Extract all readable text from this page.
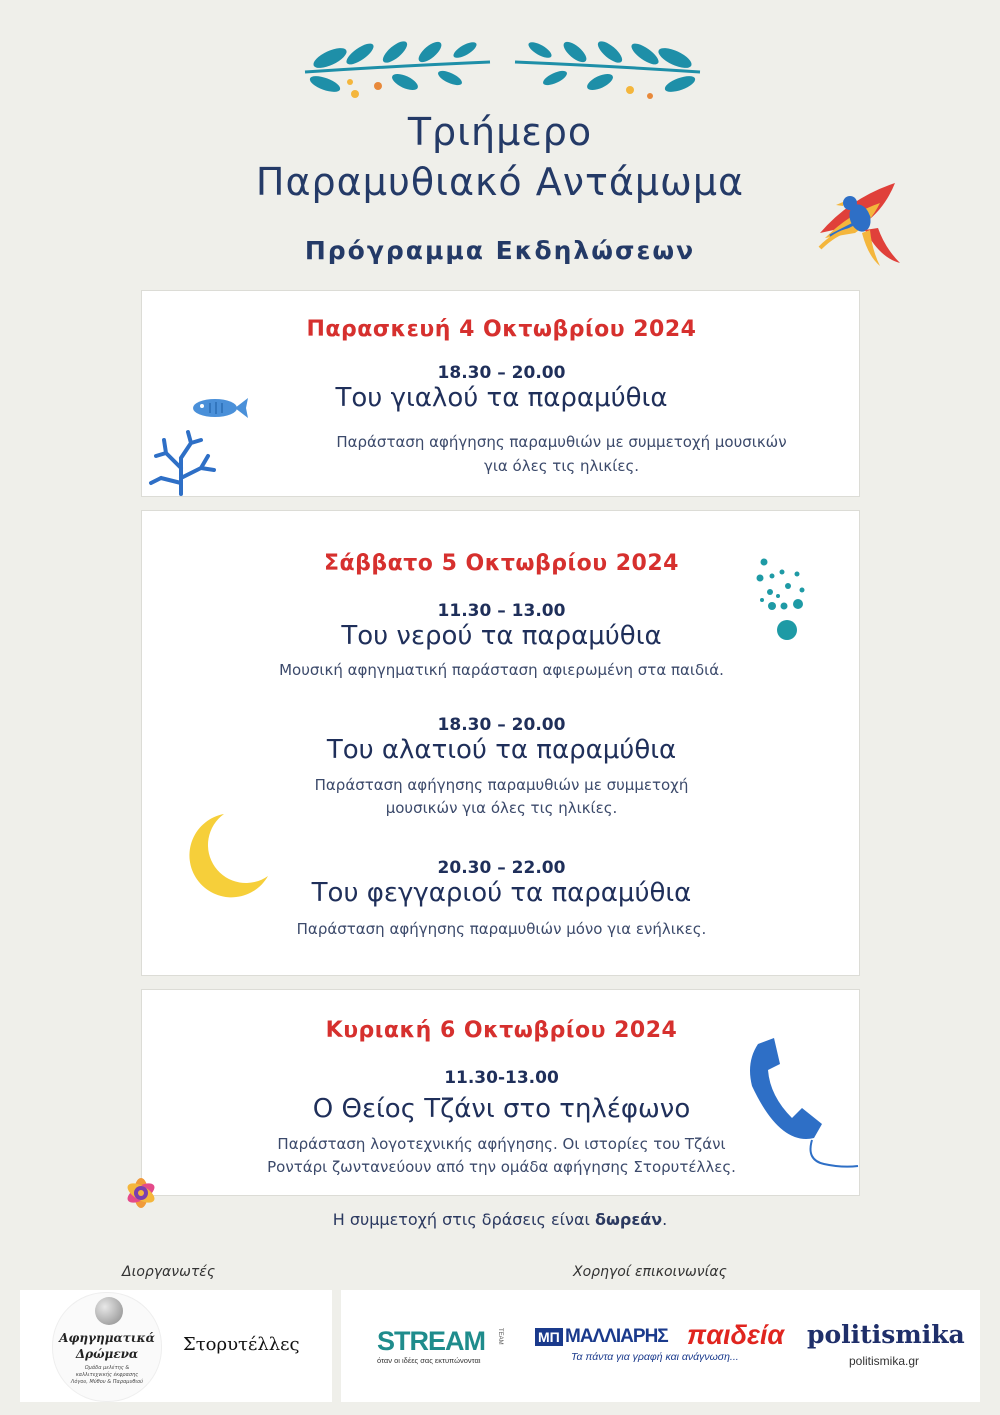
Τριήμερο
Παραμυθιακό Αντάμωμα
Πρόγραμμα Εκδηλώσεων
Παρασκευή 4 Οκτωβρίου 2024
18.30 – 20.00
Του γιαλού τα παραμύθια
Παράσταση αφήγησης παραμυθιών με συμμετοχή μουσικών
για όλες τις ηλικίες.
Σάββατο 5 Οκτωβρίου 2024
11.30 – 13.00
Του νερού τα παραμύθια
Μουσική αφηγηματική παράσταση αφιερωμένη στα παιδιά.
18.30 – 20.00
Του αλατιού τα παραμύθια
Παράσταση αφήγησης παραμυθιών με συμμετοχή
μουσικών για όλες τις ηλικίες.
20.30 – 22.00
Του φεγγαριού τα παραμύθια
Παράσταση αφήγησης παραμυθιών μόνο για ενήλικες.
Κυριακή 6 Οκτωβρίου 2024
11.30-13.00
Ο Θείος Τζάνι στο τηλέφωνο
Παράσταση λογοτεχνικής αφήγησης. Οι ιστορίες του Τζάνι
Ροντάρι ζωντανεύουν από την ομάδα αφήγησης Στορυτέλλες.
Η συμμετοχή στις δράσεις είναι δωρεάν.
Διοργανωτές	Χορηγοί επικοινωνίας
Αφηγηματικά
Δρώμενα
Ομάδα μελέτης & καλλιτεχνικής έκφρασης Λόγου, Μύθου & Παραμυθιού
Στορυτέλλες	STREAM TEAM
όταν οι ιδέες σας εκτυπώνονται
ΜΠ ΜΑΛΛΙΑΡΗΣ παιδεία
Τα πάντα για γραφή και ανάγνωση...
politismika
politismika.gr
